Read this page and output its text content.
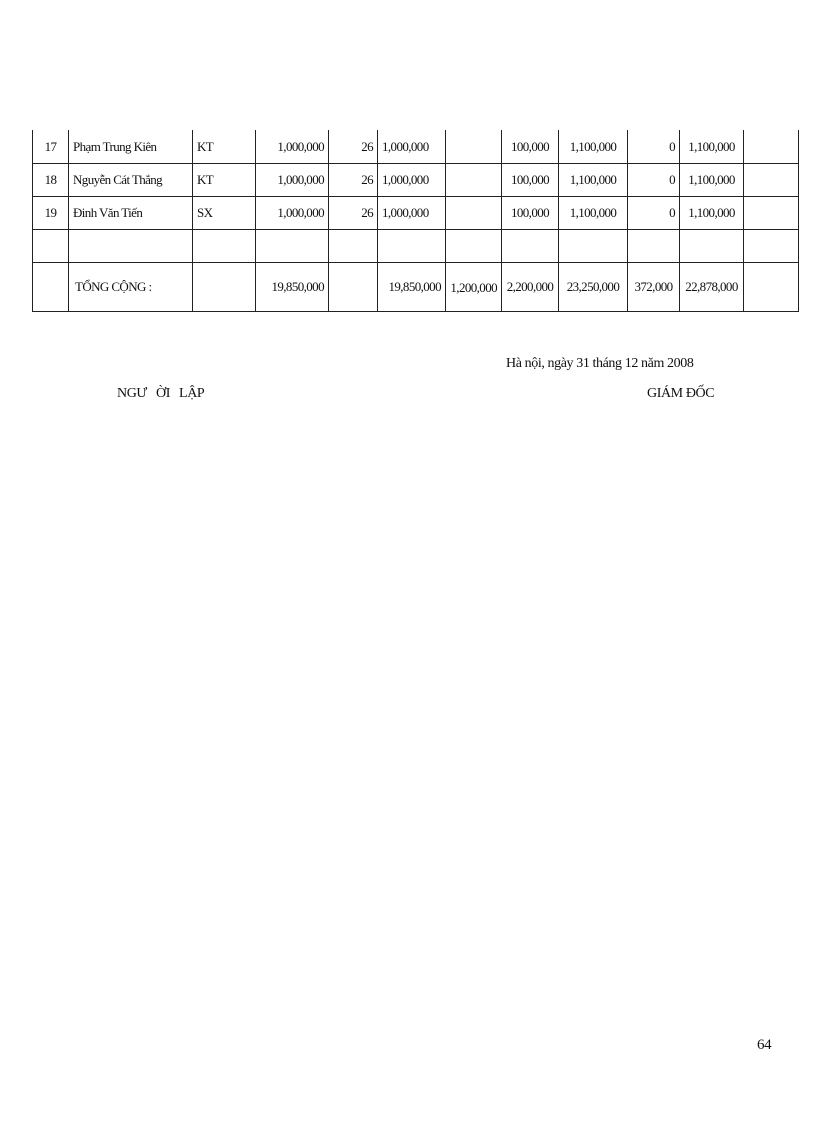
17	Phạm Trung Kiên	KT	1,000,000	26	1,000,000		100,000	1,100,000	0	1,100,000	
18	Nguyễn Cát Thắng	KT	1,000,000	26	1,000,000		100,000	1,100,000	0	1,100,000	
19	Đinh Văn Tiến	SX	1,000,000	26	1,000,000		100,000	1,100,000	0	1,100,000	

	TỔNG CỘNG :		19,850,000		19,850,000	1,200,000	2,200,000	23,250,000	372,000	22,878,000	
Hà nội, ngày 31 tháng 12 năm 2008
NGƯ ỜI LẬP	GIÁM ĐỐC
64
